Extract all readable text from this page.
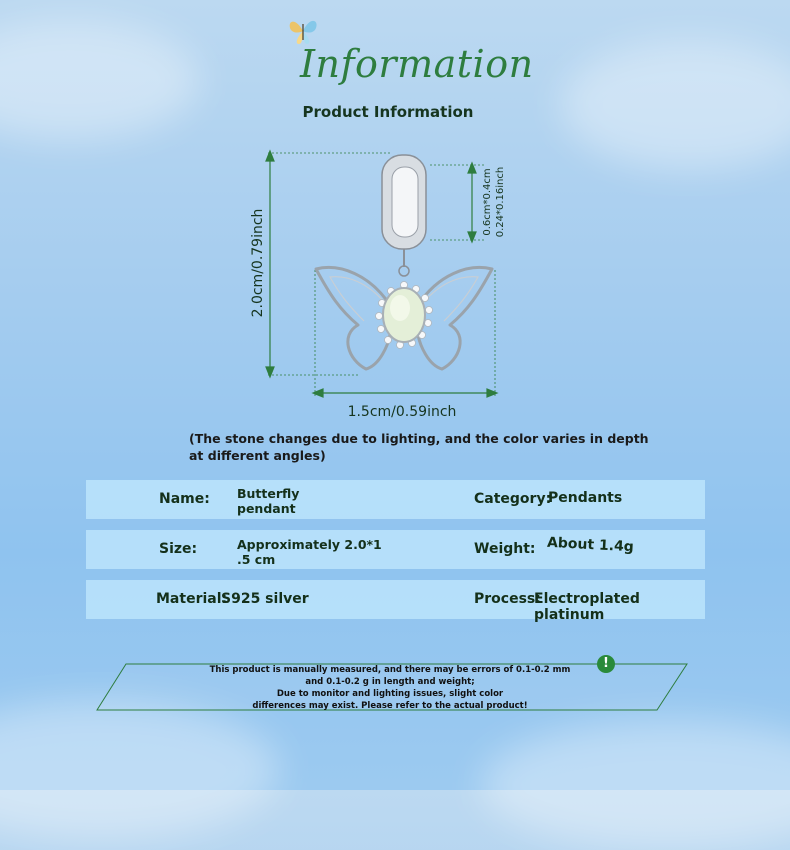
Information
Product Information
2.0cm/0.79inch
1.5cm/0.59inch
0.6cm*0.4cm 0.24*0.16inch
(The stone changes due to lighting, and the color varies in depth at different angles)
Name: Butterfly
pendant
Category:
Pendants
Size:	Approximately 2.0*1
.5 cm
Weight: About 1.4g
Material:
S925 silver	Process:
Electroplated platinum
!
This product is manually measured, and there may be errors of 0.1-0.2 mm
and 0.1-0.2 g in length and weight;
Due to monitor and lighting issues, slight color
differences may exist. Please refer to the actual product!
